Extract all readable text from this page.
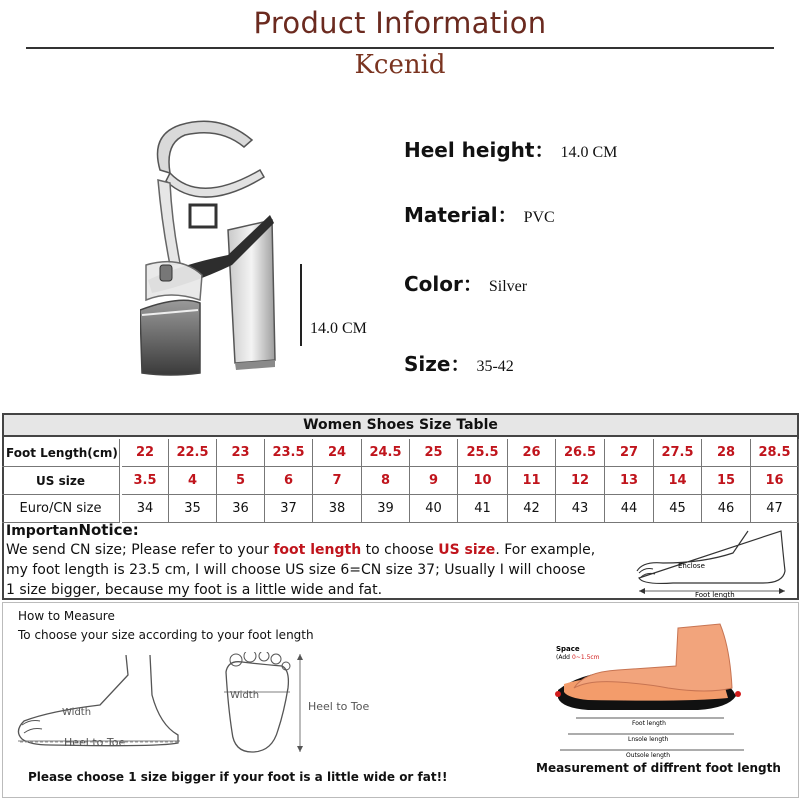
Product Information
Kcenid
14.0 CM
Heel height： 14.0 CM
Material： PVC
Color： Silver
Size： 35-42
Women Shoes Size Table
Foot Length(cm)	22	22.5	23	23.5	24	24.5	25	25.5	26	26.5	27	27.5	28	28.5
US size	3.5	4	5	6	7	8	9	10	11	12	13	14	15	16
Euro/CN size	34	35	36	37	38	39	40	41	42	43	44	45	46	47
ImportanNotice:
We send CN size; Please refer to your foot length to choose US size. For example,
my foot length is 23.5 cm, I will choose US size 6=CN size 37; Usually I will choose
1 size bigger, because my foot is a little wide and fat.
Enclose
Foot length
How to Measure
To choose your size according to your foot length
Width
Heel to Toe
Width
Heel to Toe
Space
(Add 0~1.5cm
Foot length
Lnsole length
Outsole length
Please choose 1 size bigger if your foot is a little wide or fat!!
Measurement of diffrent foot length
